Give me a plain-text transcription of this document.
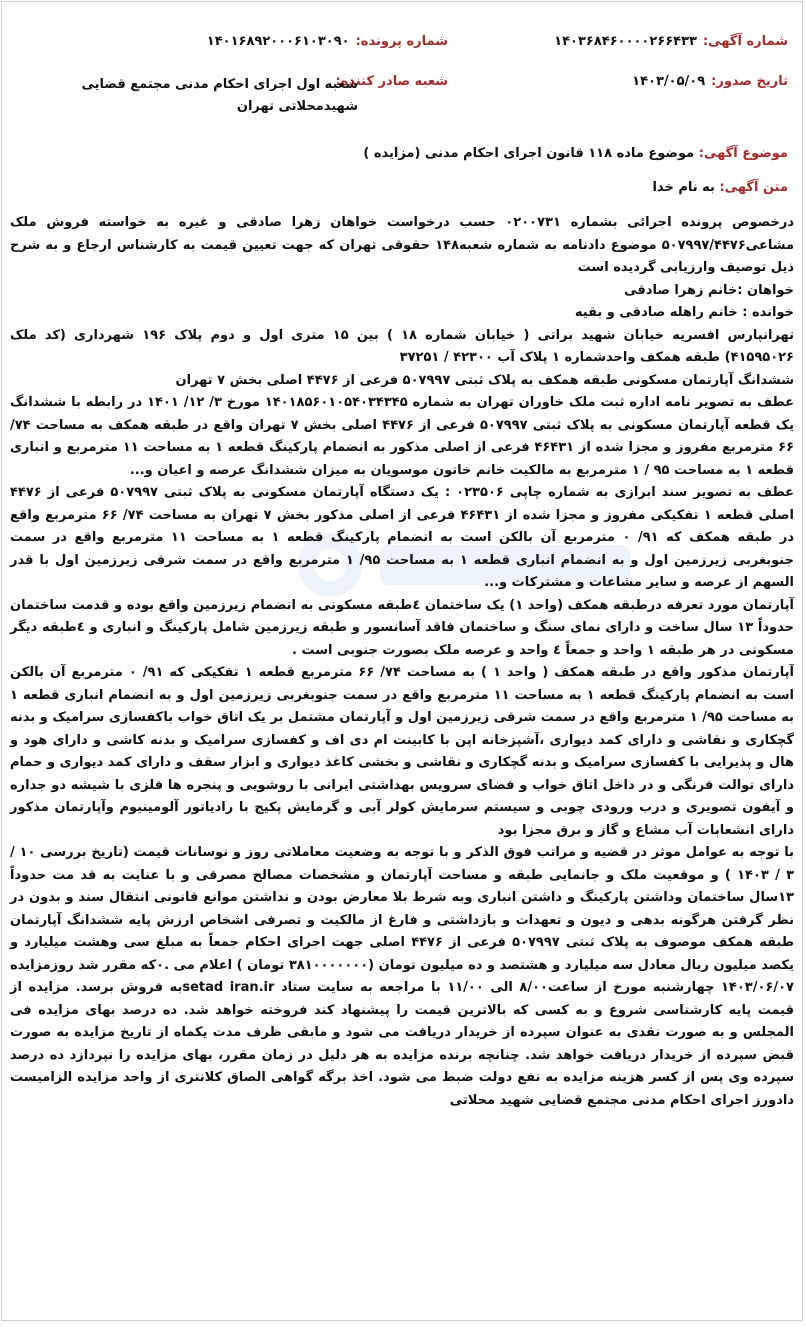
شماره آگهی:۱۴۰۳۶۸۴۶۰۰۰۰۲۶۶۴۳۳
شماره پرونده:۱۴۰۱۶۸۹۲۰۰۰۶۱۰۳۰۹۰
تاریخ صدور:۱۴۰۳/۰۵/۰۹
شعبه صادر کننده:
شعبه اول اجرای احکام مدنی مجتمع قضایی شهیدمحلاتی تهران
موضوع آگهی: موضوع ماده ۱۱۸ قانون اجرای احکام مدنی (مزایده )
متن آگهی: به نام خدا

درخصوص پرونده اجرائی بشماره ۰۲۰۰۷۳۱ حسب درخواست خواهان زهرا صادقی و غیره به خواسته فروش ملک مشاعی۵۰۷۹۹۷/۴۴۷۶ موضوع دادنامه به شماره شعبه۱۴۸ حقوقی تهران که جهت تعیین قیمت به کارشناس ارجاع و به شرح ذیل توصیف وارزیابی گردیده است

خواهان :خانم زهرا صادقی

خوانده : خانم راهله صادقی و بقیه

تهرانپارس افسریه خیابان شهید براتی ( خیابان شماره ۱۸ ) بین ۱۵ متری اول و دوم پلاک ۱۹۶ شهرداری (کد ملک ۴۱۵۹۵۰۲۶) طبقه همکف واحدشماره ۱ پلاک آب ۴۲۳۰۰ / ۳۷۲۵۱

ششدانگ آپارتمان مسکونی طبقه همکف به پلاک ثبتی ۵۰۷۹۹۷ فرعی از ۴۴۷۶ اصلی بخش ۷ تهران

عطف به تصویر نامه اداره ثبت ملک خاوران تهران به شماره ۱۴۰۱۸۵۶۰۱۰۵۴۰۳۴۳۴۵ مورخ ۳/ ۱۲/ ۱۴۰۱ در رابطه با ششدانگ یک قطعه آپارتمان مسکونی به پلاک ثبتی ۵۰۷۹۹۷ فرعی از ۴۴۷۶ اصلی بخش ۷ تهران واقع در طبقه همکف به مساحت ۷۴/ ۶۶ مترمربع مفروز و مجزا شده از ۴۶۴۳۱ فرعی از اصلی مذکور به انضمام پارکینگ قطعه ۱ به مساحت ۱۱ مترمربع و انباری قطعه ۱ به مساحت ۹۵ / ۱ مترمربع به مالکیت خانم خاتون موسویان به میزان ششدانگ عرصه و اعیان و...

عطف به تصویر سند ابرازی به شماره چاپی ۰۲۳۵۰۶ : یک دستگاه آپارتمان مسکونی به پلاک ثبتی ۵۰۷۹۹۷ فرعی از ۴۴۷۶ اصلی قطعه ۱ تفکیکی مفروز و مجزا شده از ۴۶۴۳۱ فرعی از اصلی مذکور بخش ۷ تهران به مساحت ۷۴/ ۶۶ مترمربع واقع در طبقه همکف که ۹۱/ ۰ مترمربع آن بالکن است به انضمام پارکینگ قطعه ۱ به مساحت ۱۱ مترمربع واقع در سمت جنوبغربی زیرزمین اول و به انضمام انباری قطعه ۱ به مساحت ۹۵/ ۱ مترمربع واقع در سمت شرقی زیرزمین اول با قدر السهم از عرصه و سایر مشاعات و مشترکات و...

آپارتمان مورد تعرفه درطبقه همکف (واحد ۱) یک ساختمان ٤طبقه مسکونی به انضمام زیرزمین واقع بوده و قدمت ساختمان حدوداً ۱۳ سال ساخت و دارای نمای سنگ و ساختمان فاقد آسانسور و طبقه زیرزمین شامل پارکینگ و انباری و ٤طبقه دیگر مسکونی در هر طبقه ۱ واحد و جمعاً ٤ واحد و عرصه ملک بصورت جنوبی است .

آپارتمان مذکور واقع در طبقه همکف ( واحد ۱ ) به مساحت ۷۴/ ۶۶ مترمربع قطعه ۱ تفکیکی که ۹۱/ ۰ مترمربع آن بالکن است به انضمام پارکینگ قطعه ۱ به مساحت ۱۱ مترمربع واقع در سمت جنوبغربی زیرزمین اول و به انضمام انباری قطعه ۱ به مساحت ۹۵/ ۱ مترمربع واقع در سمت شرقی زیرزمین اول و آپارتمان مشتمل بر یک اتاق خواب باکفسازی سرامیک و بدنه گچکاری و نقاشی و دارای کمد دیواری ،آشپزخانه اپن با کابینت ام دی اف و کفسازی سرامیک و بدنه کاشی و دارای هود و هال و پذیرایی با کفسازی سرامیک و بدنه گچکاری و نقاشی و بخشی کاغذ دیواری و ابزار سقف و دارای کمد دیواری و حمام دارای توالت فرنگی و در داخل اتاق خواب و فضای سرویس بهداشتی ایرانی با روشویی و پنجره ها فلزی با شیشه دو جداره و آیفون تصویری و درب ورودی چوبی و سیستم سرمایش کولر آبی و گرمایش پکیج با رادیاتور آلومینیوم وآپارتمان مذکور دارای انشعابات آب مشاع و گاز و برق مجزا بود

با توجه به عوامل موثر در قضیه و مراتب فوق الذکر و با توجه به وضعیت معاملاتی روز و نوسانات قیمت (تاریخ بررسی ۱۰ / ۳ / ۱۴۰۳ ) و موقعیت ملک و جانمایی طبقه و مساحت آپارتمان و مشخصات مصالح مصرفی و با عنایت به قد مت حدوداً ۱۳سال ساختمان وداشتن پارکینگ و داشتن انباری وبه شرط بلا معارض بودن و نداشتن موانع قانونی انتقال سند و بدون در نظر گرفتن هرگونه بدهی و دیون و تعهدات و بازداشتی و فارغ از مالکیت و تصرفی اشخاص ارزش پایه ششدانگ آپارتمان طبقه همکف موصوف به پلاک ثبتی ۵۰۷۹۹۷ فرعی از ۴۴۷۶ اصلی جهت اجرای احکام جمعاً به مبلغ سی وهشت میلیارد و یکصد میلیون ریال معادل سه میلیارد و هشتصد و ده میلیون تومان (۳۸۱۰۰۰۰۰۰۰ تومان ) اعلام می .۰که مقرر شد روزمزایده ۱۴۰۳/۰۶/۰۷ چهارشنبه مورخ از ساعت۸/۰۰ الی ۱۱/۰۰ با مراجعه به سایت ستاد setad iran.irبه فروش برسد. مزایده از قیمت پایه کارشناسی شروع و به کسی که بالاترین قیمت را پیشنهاد کند فروخته خواهد شد. ده درصد بهای مزایده فی المجلس و به صورت نقدی به عنوان سپرده از خریدار دریافت می شود و مابقی ظرف مدت یکماه از تاریخ مزایده به صورت قبض سپرده از خریدار دریافت خواهد شد. چنانچه برنده مزایده به هر دلیل در زمان مقرر، بهای مزایده را نپردازد ده درصد سپرده وی پس از کسر هزینه مزایده به نفع دولت ضبط می شود. اخذ برگه گواهی الصاق کلانتری از واحد مزایده الزامیست دادورز اجرای احکام مدنی مجتمع قضایی شهید محلاتی
